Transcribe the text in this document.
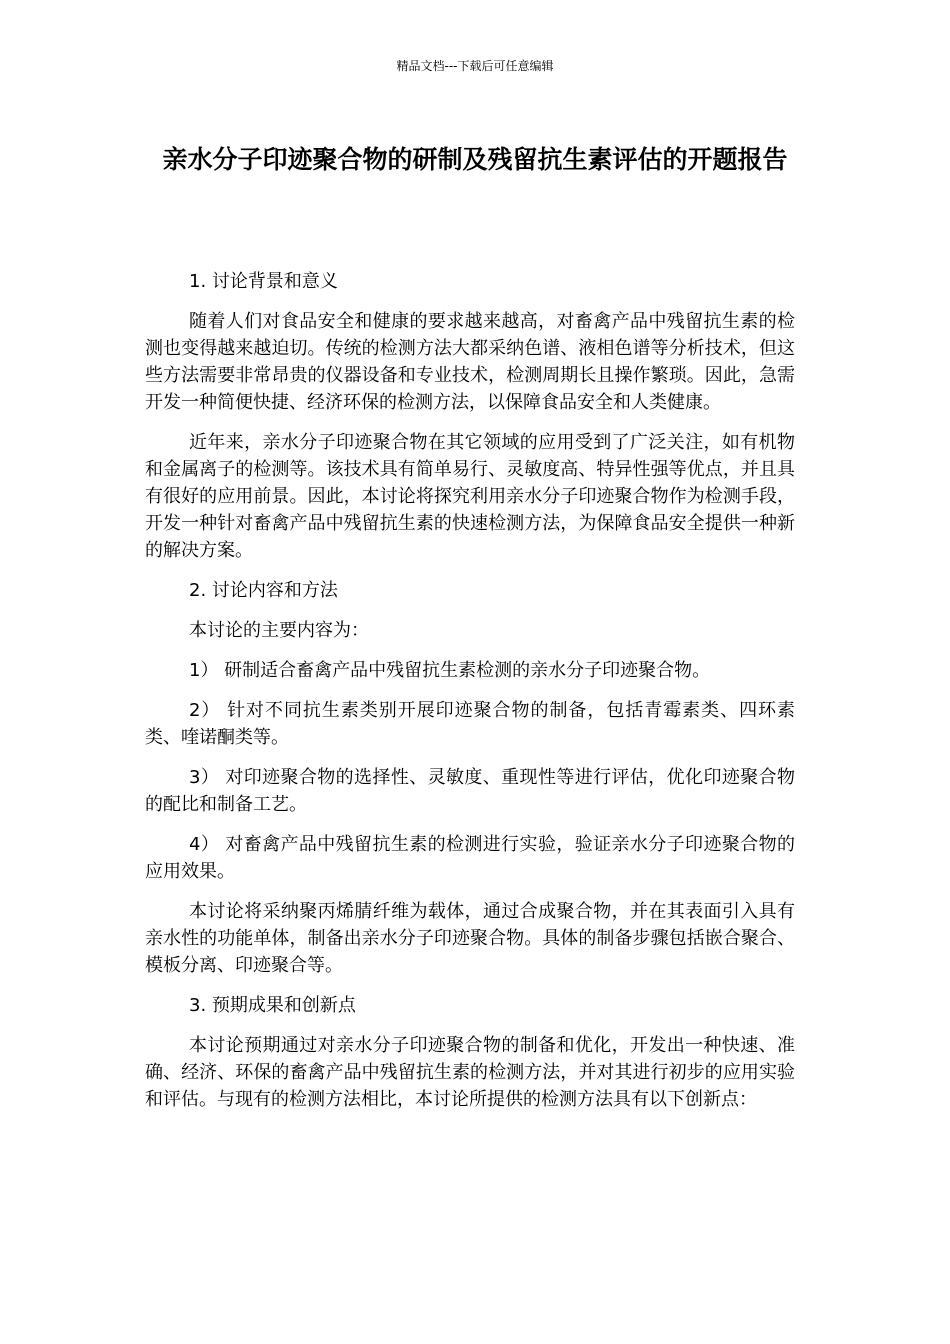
精品文档---下载后可任意编辑
亲水分子印迹聚合物的研制及残留抗生素评估的开题报告

1. 讨论背景和意义

随着人们对食品安全和健康的要求越来越高，对畜禽产品中残留抗生素的检测也变得越来越迫切。传统的检测方法大都采纳色谱、液相色谱等分析技术，但这些方法需要非常昂贵的仪器设备和专业技术，检测周期长且操作繁琐。因此，急需开发一种简便快捷、经济环保的检测方法，以保障食品安全和人类健康。

近年来，亲水分子印迹聚合物在其它领域的应用受到了广泛关注，如有机物和金属离子的检测等。该技术具有简单易行、灵敏度高、特异性强等优点，并且具有很好的应用前景。因此，本讨论将探究利用亲水分子印迹聚合物作为检测手段，开发一种针对畜禽产品中残留抗生素的快速检测方法，为保障食品安全提供一种新的解决方案。

2. 讨论内容和方法

本讨论的主要内容为：

1） 研制适合畜禽产品中残留抗生素检测的亲水分子印迹聚合物。

2） 针对不同抗生素类别开展印迹聚合物的制备，包括青霉素类、四环素类、喹诺酮类等。

3） 对印迹聚合物的选择性、灵敏度、重现性等进行评估，优化印迹聚合物的配比和制备工艺。

4） 对畜禽产品中残留抗生素的检测进行实验，验证亲水分子印迹聚合物的应用效果。

本讨论将采纳聚丙烯腈纤维为载体，通过合成聚合物，并在其表面引入具有亲水性的功能单体，制备出亲水分子印迹聚合物。具体的制备步骤包括嵌合聚合、模板分离、印迹聚合等。

3. 预期成果和创新点

本讨论预期通过对亲水分子印迹聚合物的制备和优化，开发出一种快速、准确、经济、环保的畜禽产品中残留抗生素的检测方法，并对其进行初步的应用实验和评估。与现有的检测方法相比，本讨论所提供的检测方法具有以下创新点：
